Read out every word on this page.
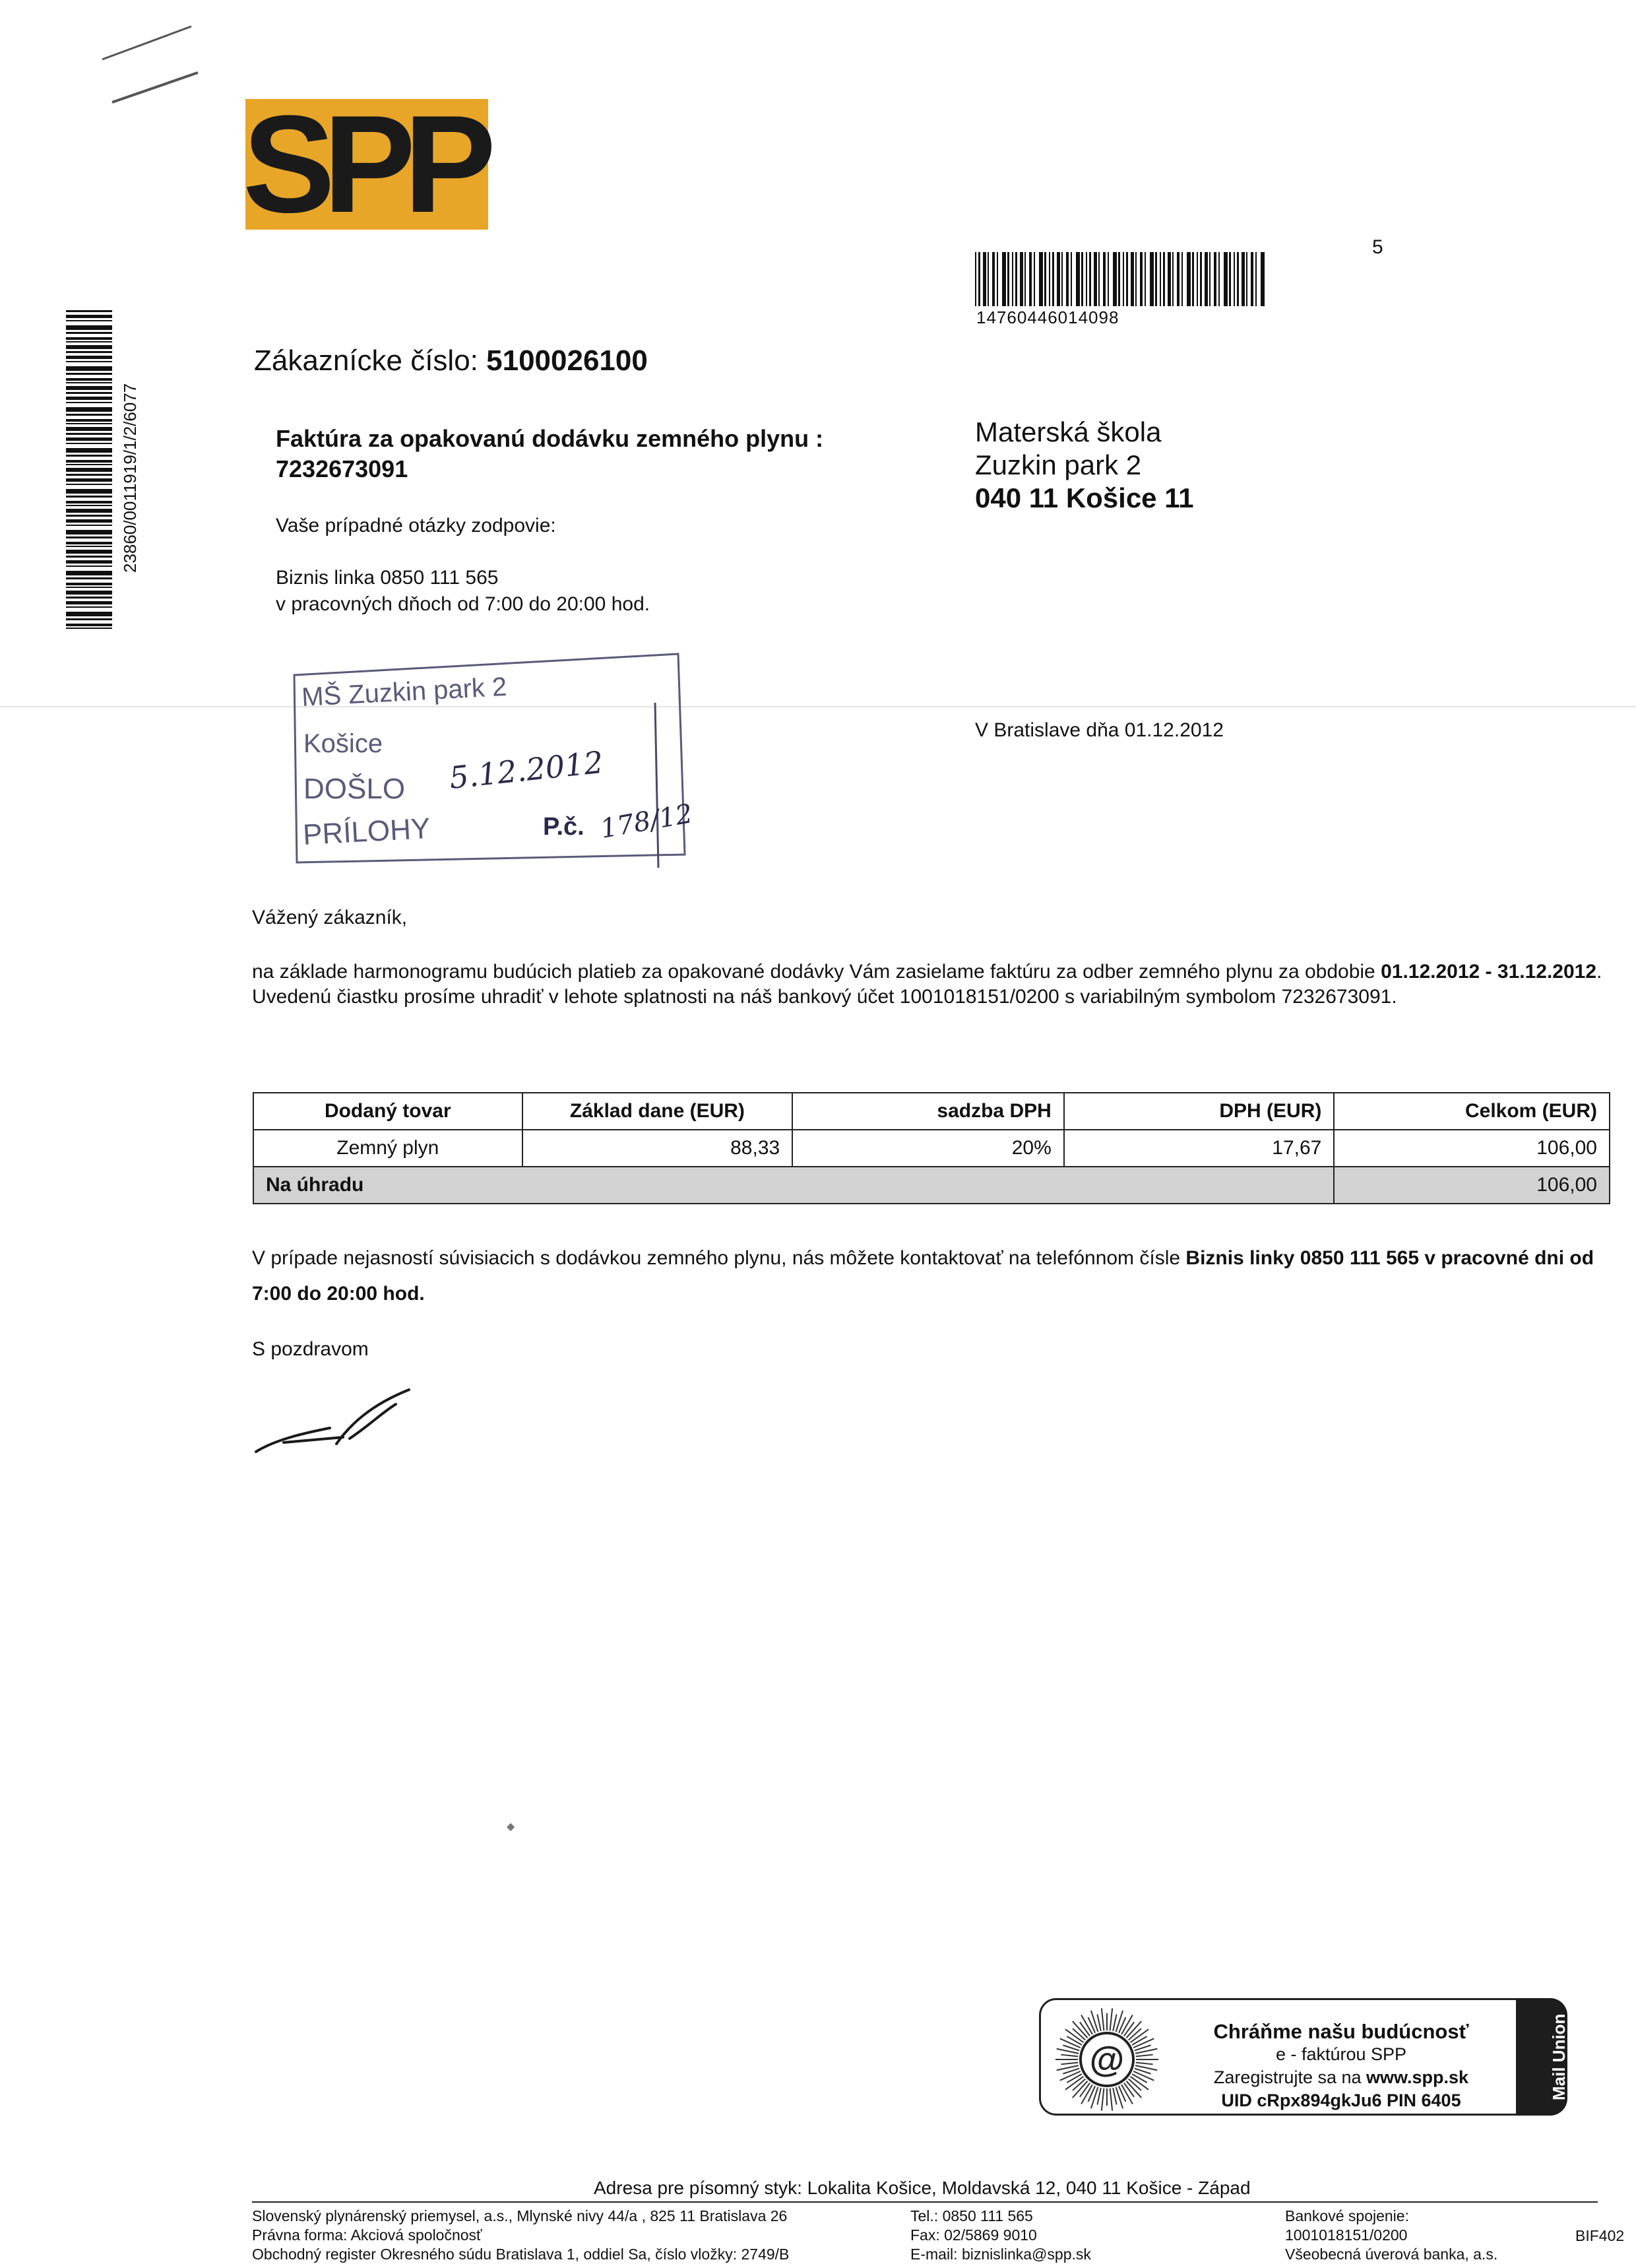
SPP
5
14760446014098
23860/0011919/1/2/6077
Zákaznícke číslo: 5100026100
Faktúra za opakovanú dodávku zemného plynu :
7232673091
Vaše prípadné otázky zodpovie:
Biznis linka 0850 111 565
v pracovných dňoch od 7:00 do 20:00 hod.
Materská škola
Zuzkin park 2
040 11 Košice 11
MŠ Zuzkin park 2
Košice
DOŠLO 5.12.2012
PRÍLOHY	P.č. 178/12
V Bratislave dňa 01.12.2012
Vážený zákazník,
na základe harmonogramu budúcich platieb za opakované dodávky Vám zasielame faktúru za odber zemného plynu za obdobie 01.12.2012 - 31.12.2012.
Uvedenú čiastku prosíme uhradiť v lehote splatnosti na náš bankový účet 1001018151/0200 s variabilným symbolom 7232673091.
Dodaný tovar	Základ dane (EUR)	sadzba DPH	DPH (EUR)	Celkom (EUR)
Zemný plyn	88,33	20%	17,67	106,00
Na úhradu				106,00
V prípade nejasností súvisiacich s dodávkou zemného plynu, nás môžete kontaktovať na telefónnom čísle Biznis linky 0850 111 565 v pracovné dni od 7:00 do 20:00 hod.
S pozdravom
◆
@
Chráňme našu budúcnosť
e - faktúrou SPP
Zaregistrujte sa na www.spp.sk
UID cRpx894gkJu6 PIN 6405	Mail Union
Adresa pre písomný styk: Lokalita Košice, Moldavská 12, 040 11 Košice - Západ
Slovenský plynárenský priemysel, a.s., Mlynské nivy 44/a , 825 11 Bratislava 26
Právna forma: Akciová spoločnosť
Obchodný register Okresného súdu Bratislava 1, oddiel Sa, číslo vložky: 2749/B
Tel.: 0850 111 565
Fax: 02/5869 9010
E-mail: biznislinka@spp.sk
Bankové spojenie:
1001018151/0200
Všeobecná úverová banka, a.s.
BIF402
